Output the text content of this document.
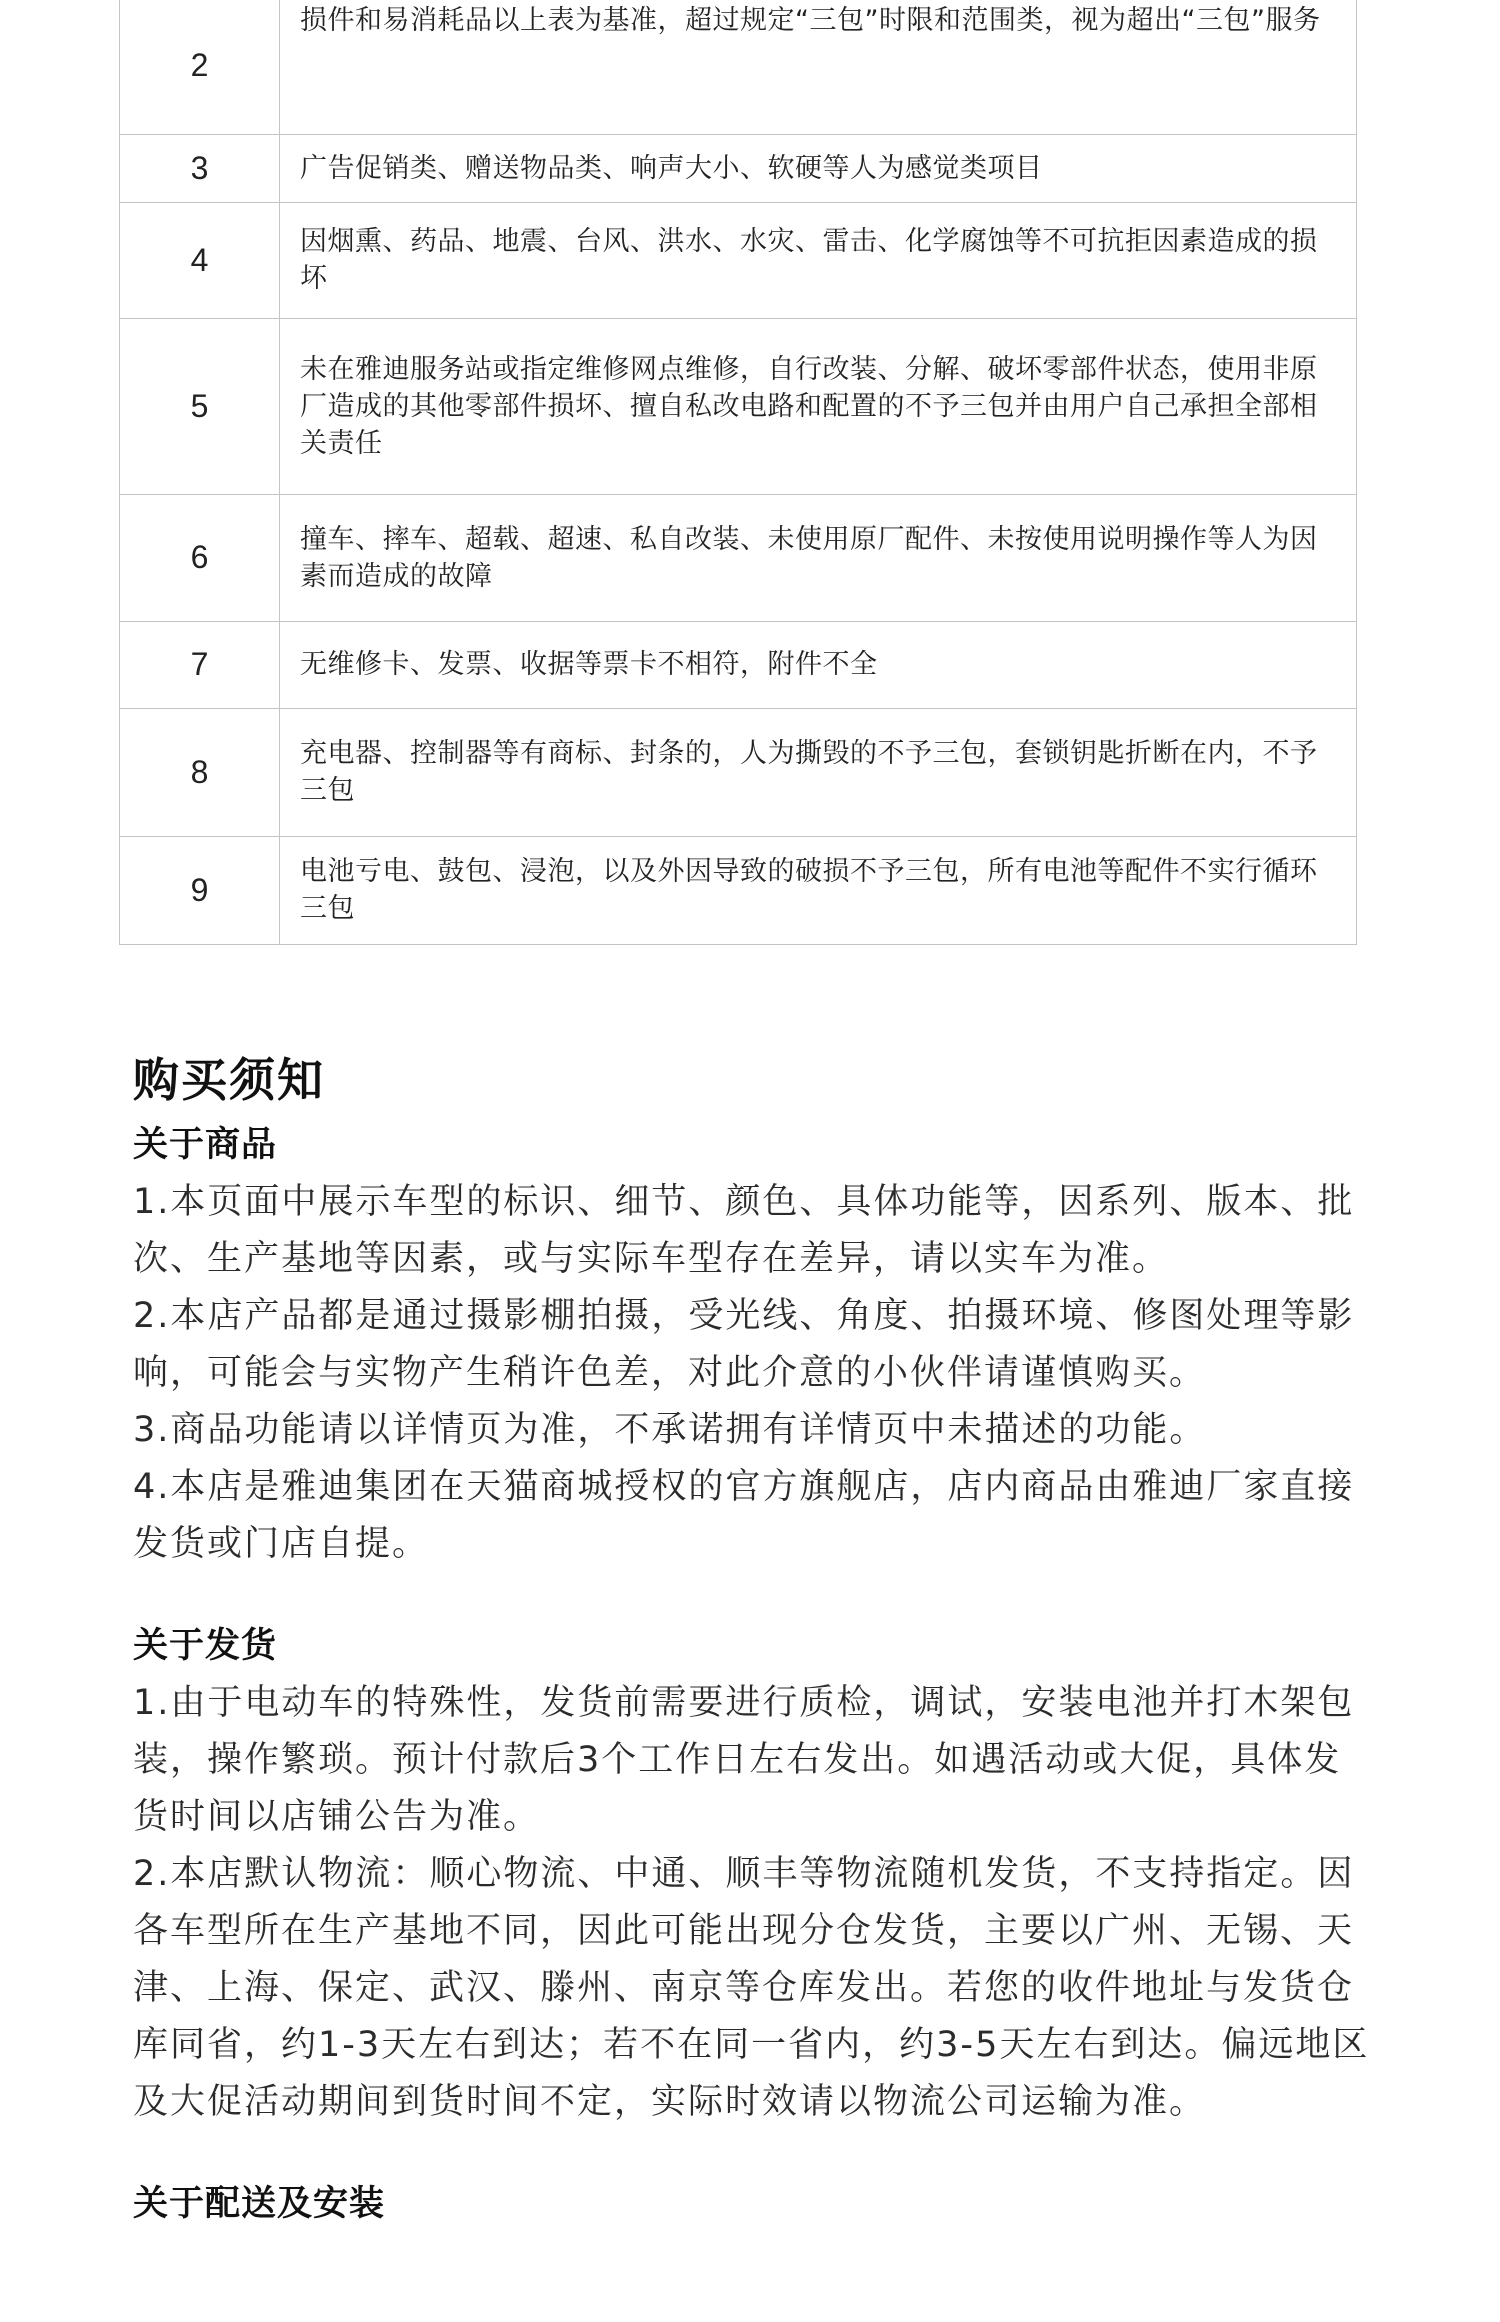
2	损件和易消耗品以上表为基准，超过规定“三包”时限和范围类，视为超出“三包”服务
3	广告促销类、赠送物品类、响声大小、软硬等人为感觉类项目
4	因烟熏、药品、地震、台风、洪水、水灾、雷击、化学腐蚀等不可抗拒因素造成的损坏
5	未在雅迪服务站或指定维修网点维修，自行改装、分解、破坏零部件状态，使用非原厂造成的其他零部件损坏、擅自私改电路和配置的不予三包并由用户自己承担全部相关责任
6	撞车、摔车、超载、超速、私自改装、未使用原厂配件、未按使用说明操作等人为因素而造成的故障
7	无维修卡、发票、收据等票卡不相符，附件不全
8	充电器、控制器等有商标、封条的，人为撕毁的不予三包，套锁钥匙折断在内，不予三包
9	电池亏电、鼓包、浸泡，以及外因导致的破损不予三包，所有电池等配件不实行循环三包
购买须知
关于商品

1.本页面中展示车型的标识、细节、颜色、具体功能等，因系列、版本、批次、生产基地等因素，或与实际车型存在差异，请以实车为准。

2.本店产品都是通过摄影棚拍摄，受光线、角度、拍摄环境、修图处理等影响，可能会与实物产生稍许色差，对此介意的小伙伴请谨慎购买。

3.商品功能请以详情页为准，不承诺拥有详情页中未描述的功能。

4.本店是雅迪集团在天猫商城授权的官方旗舰店，店内商品由雅迪厂家直接发货或门店自提。

关于发货

1.由于电动车的特殊性，发货前需要进行质检，调试，安装电池并打木架包装，操作繁琐。预计付款后3个工作日左右发出。如遇活动或大促，具体发货时间以店铺公告为准。

2.本店默认物流：顺心物流、中通、顺丰等物流随机发货，不支持指定。因各车型所在生产基地不同，因此可能出现分仓发货，主要以广州、无锡、天津、上海、保定、武汉、滕州、南京等仓库发出。若您的收件地址与发货仓库同省，约1-3天左右到达；若不在同一省内，约3-5天左右到达。偏远地区及大促活动期间到货时间不定，实际时效请以物流公司运输为准。

关于配送及安装
